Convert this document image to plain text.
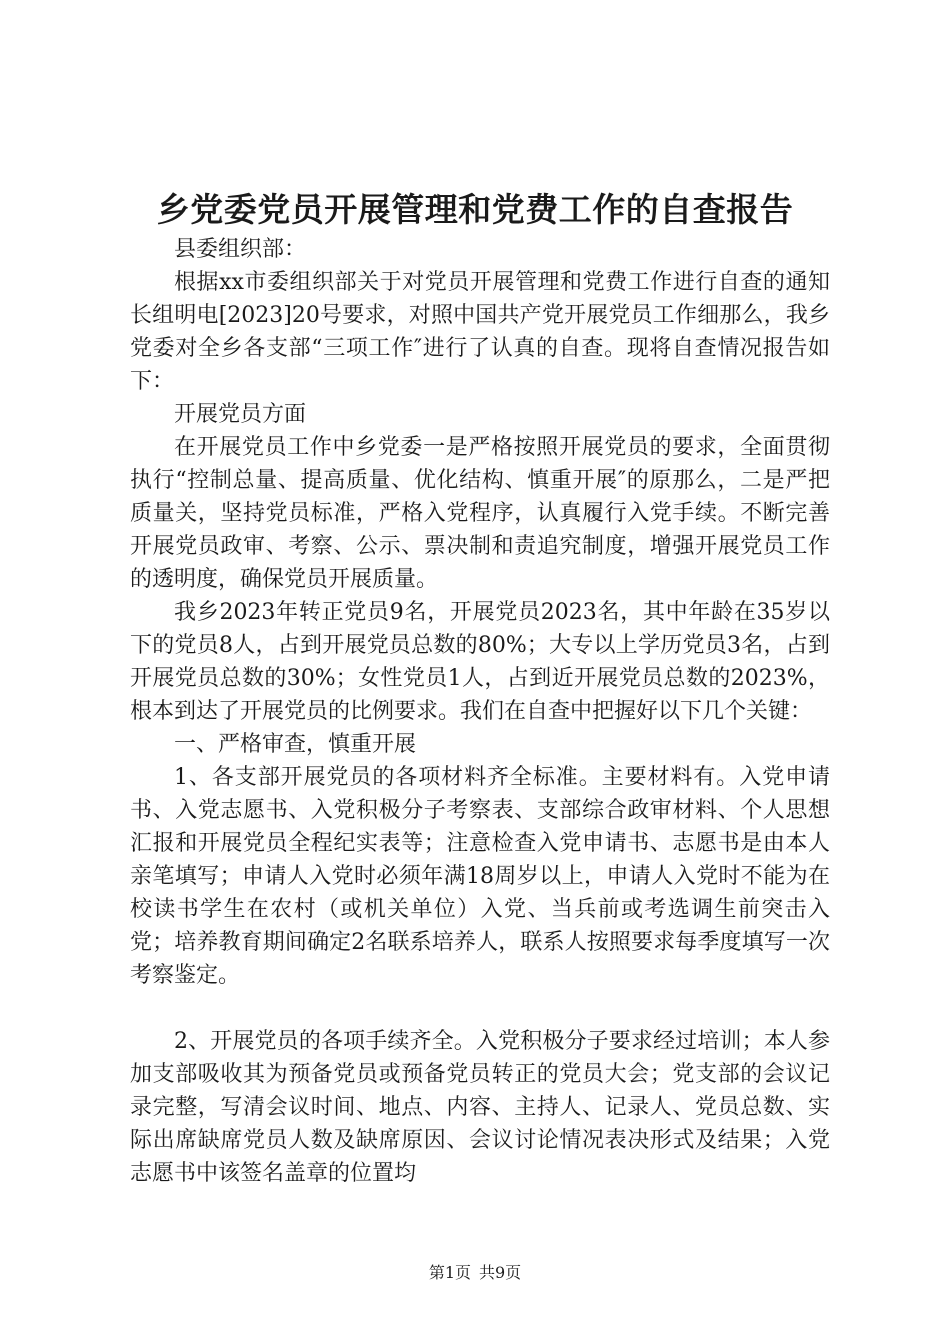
乡党委党员开展管理和党费工作的自查报告

县委组织部：

根据xx市委组织部关于对党员开展管理和党费工作进行自查的通知长组明电[2023]20号要求，对照中国共产党开展党员工作细那么，我乡党委对全乡各支部“三项工作″进行了认真的自查。现将自查情况报告如下：

开展党员方面

在开展党员工作中乡党委一是严格按照开展党员的要求，全面贯彻执行“控制总量、提高质量、优化结构、慎重开展″的原那么，二是严把质量关，坚持党员标准，严格入党程序，认真履行入党手续。不断完善开展党员政审、考察、公示、票决制和责追究制度，增强开展党员工作的透明度，确保党员开展质量。

我乡2023年转正党员9名，开展党员2023名，其中年龄在35岁以下的党员8人，占到开展党员总数的80%；大专以上学历党员3名，占到开展党员总数的30%；女性党员1人，占到近开展党员总数的2023%，根本到达了开展党员的比例要求。我们在自查中把握好以下几个关键：

一、严格审查，慎重开展

1、各支部开展党员的各项材料齐全标准。主要材料有。入党申请书、入党志愿书、入党积极分子考察表、支部综合政审材料、个人思想汇报和开展党员全程纪实表等；注意检查入党申请书、志愿书是由本人亲笔填写；申请人入党时必须年满18周岁以上，申请人入党时不能为在校读书学生在农村（或机关单位）入党、当兵前或考选调生前突击入党；培养教育期间确定2名联系培养人，联系人按照要求每季度填写一次考察鉴定。

2、开展党员的各项手续齐全。入党积极分子要求经过培训；本人参加支部吸收其为预备党员或预备党员转正的党员大会；党支部的会议记录完整，写清会议时间、地点、内容、主持人、记录人、党员总数、实际出席缺席党员人数及缺席原因、会议讨论情况表决形式及结果；入党志愿书中该签名盖章的位置均

第1页 共9页
